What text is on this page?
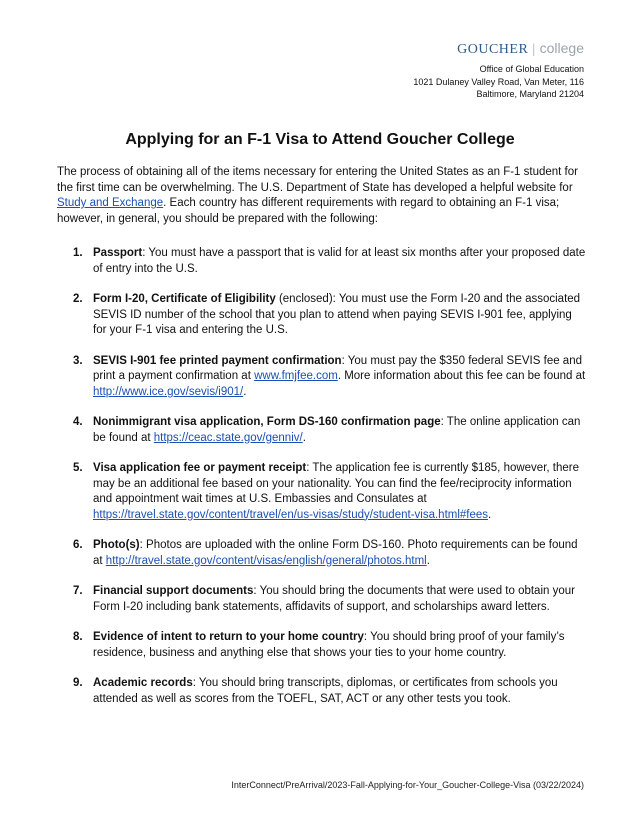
GOUCHER | college
Office of Global Education
1021 Dulaney Valley Road, Van Meter, 116
Baltimore, Maryland 21204
Applying for an F-1 Visa to Attend Goucher College

The process of obtaining all of the items necessary for entering the United States as an F-1 student for the first time can be overwhelming. The U.S. Department of State has developed a helpful website for Study and Exchange. Each country has different requirements with regard to obtaining an F-1 visa; however, in general, you should be prepared with the following:

1. Passport: You must have a passport that is valid for at least six months after your proposed date of entry into the U.S.
2. Form I-20, Certificate of Eligibility (enclosed): You must use the Form I-20 and the associated SEVIS ID number of the school that you plan to attend when paying SEVIS I-901 fee, applying for your F-1 visa and entering the U.S.
3. SEVIS I-901 fee printed payment confirmation: You must pay the $350 federal SEVIS fee and print a payment confirmation at www.fmjfee.com. More information about this fee can be found at http://www.ice.gov/sevis/i901/.
4. Nonimmigrant visa application, Form DS-160 confirmation page: The online application can be found at https://ceac.state.gov/genniv/.
5. Visa application fee or payment receipt: The application fee is currently $185, however, there may be an additional fee based on your nationality. You can find the fee/reciprocity information and appointment wait times at U.S. Embassies and Consulates at https://travel.state.gov/content/travel/en/us-visas/study/student-visa.html#fees.
6. Photo(s): Photos are uploaded with the online Form DS-160. Photo requirements can be found at http://travel.state.gov/content/visas/english/general/photos.html.
7. Financial support documents: You should bring the documents that were used to obtain your Form I-20 including bank statements, affidavits of support, and scholarships award letters.
8. Evidence of intent to return to your home country: You should bring proof of your family’s residence, business and anything else that shows your ties to your home country.
9. Academic records: You should bring transcripts, diplomas, or certificates from schools you attended as well as scores from the TOEFL, SAT, ACT or any other tests you took.
InterConnect/PreArrival/2023-Fall-Applying-for-Your_Goucher-College-Visa (03/22/2024)
